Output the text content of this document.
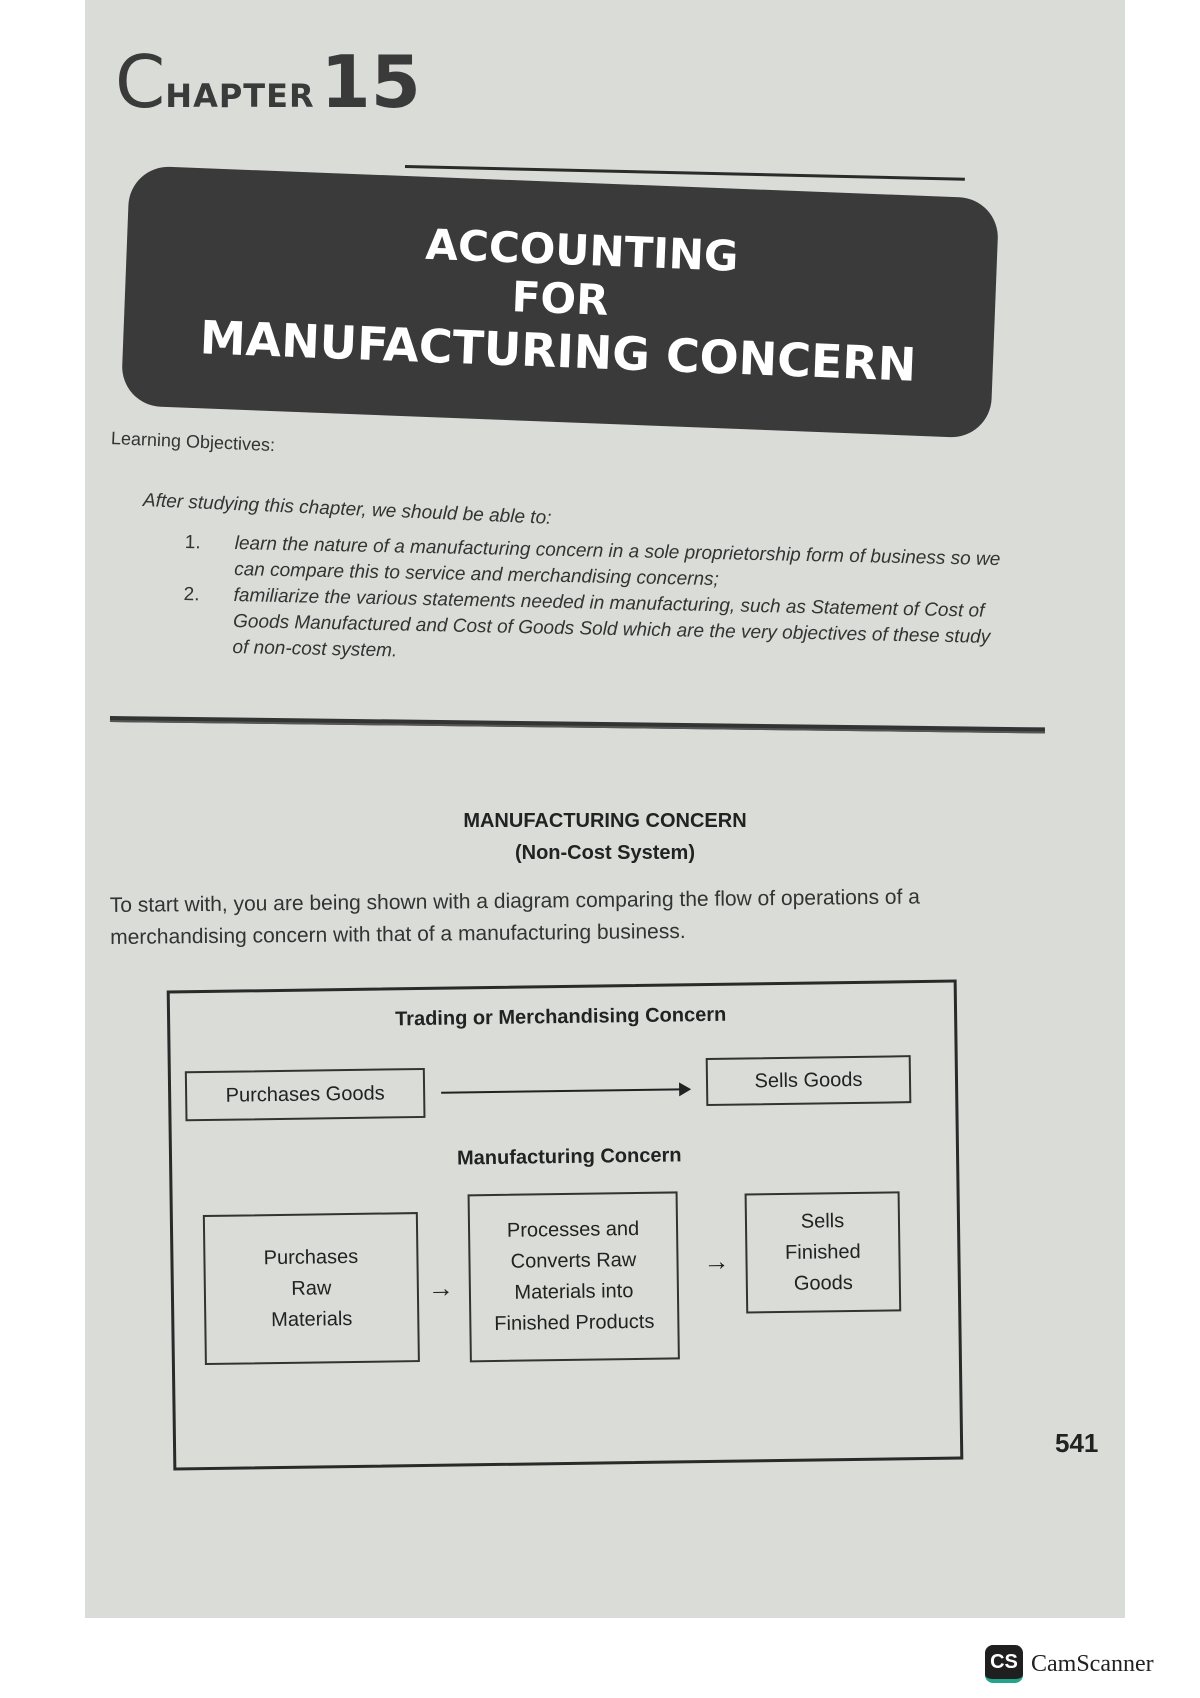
C HAPTER 15
ACCOUNTING
FOR
MANUFACTURING CONCERN
Learning Objectives:
After studying this chapter, we should be able to:
1. learn the nature of a manufacturing concern in a sole proprietorship form of business so we can compare this to service and merchandising concerns;
2. familiarize the various statements needed in manufacturing, such as Statement of Cost of Goods Manufactured and Cost of Goods Sold which are the very objectives of these study of non-cost system.
MANUFACTURING CONCERN
(Non-Cost System)
To start with, you are being shown with a diagram comparing the flow of operations of a merchandising concern with that of a manufacturing business.
Trading or Merchandising Concern
Purchases Goods
Sells Goods
Manufacturing Concern
Purchases
Raw
Materials
→
Processes and
Converts Raw
Materials into
Finished Products
→
Sells
Finished
Goods
541
CS CamScanner
